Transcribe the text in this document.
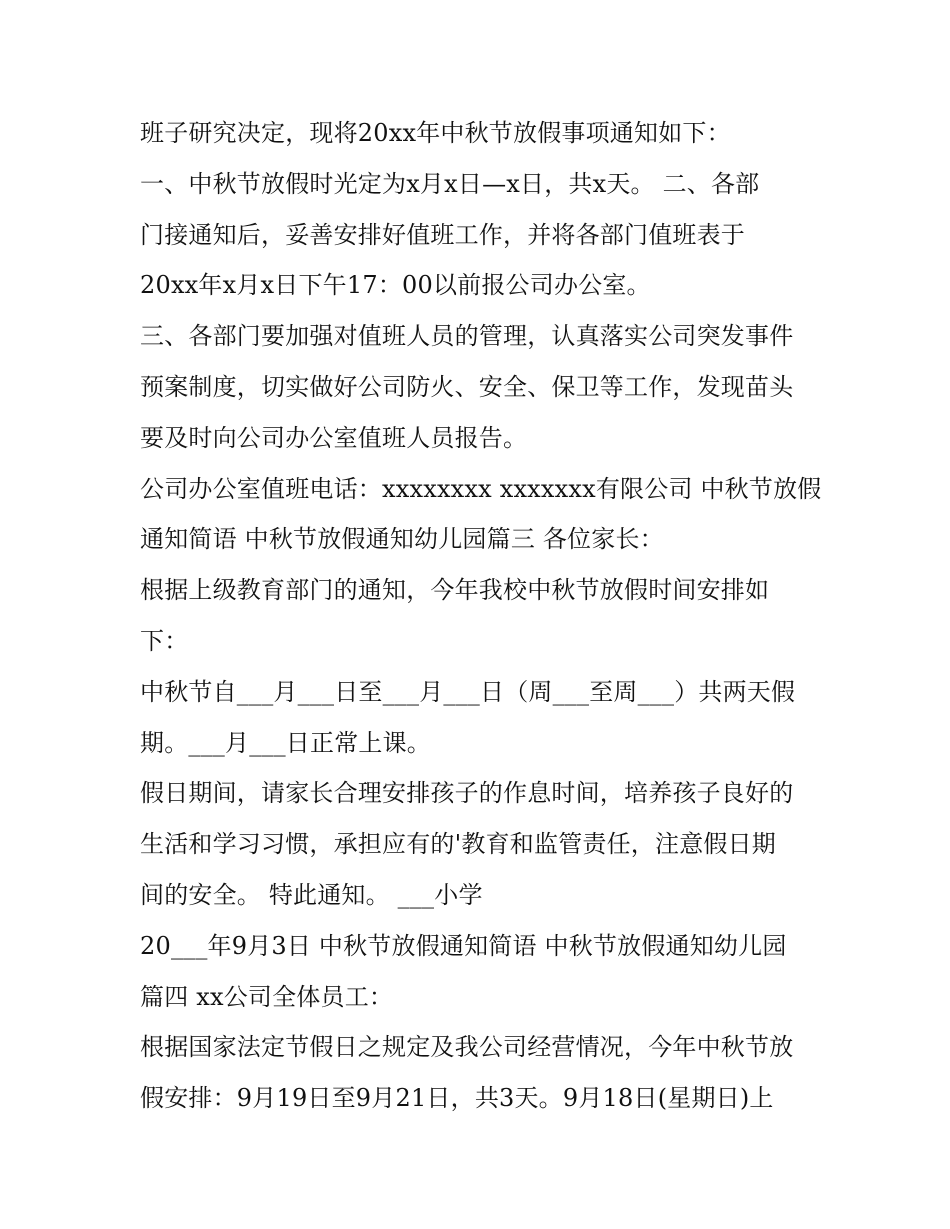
班子研究决定，现将20xx年中秋节放假事项通知如下：
一、中秋节放假时光定为x月x日—x日，共x天。 二、各部
门接通知后，妥善安排好值班工作，并将各部门值班表于
20xx年x月x日下午17：00以前报公司办公室。
三、各部门要加强对值班人员的管理，认真落实公司突发事件
预案制度，切实做好公司防火、安全、保卫等工作，发现苗头
要及时向公司办公室值班人员报告。
公司办公室值班电话：xxxxxxxx xxxxxxx有限公司 中秋节放假
通知简语 中秋节放假通知幼儿园篇三 各位家长：
根据上级教育部门的通知，今年我校中秋节放假时间安排如
下：
中秋节自___月___日至___月___日（周___至周___）共两天假
期。___月___日正常上课。
假日期间，请家长合理安排孩子的作息时间，培养孩子良好的
生活和学习习惯，承担应有的'教育和监管责任，注意假日期
间的安全。 特此通知。 ___小学
20___年9月3日 中秋节放假通知简语 中秋节放假通知幼儿园
篇四 xx公司全体员工：
根据国家法定节假日之规定及我公司经营情况，今年中秋节放
假安排：9月19日至9月21日，共3天。9月18日(星期日)上
